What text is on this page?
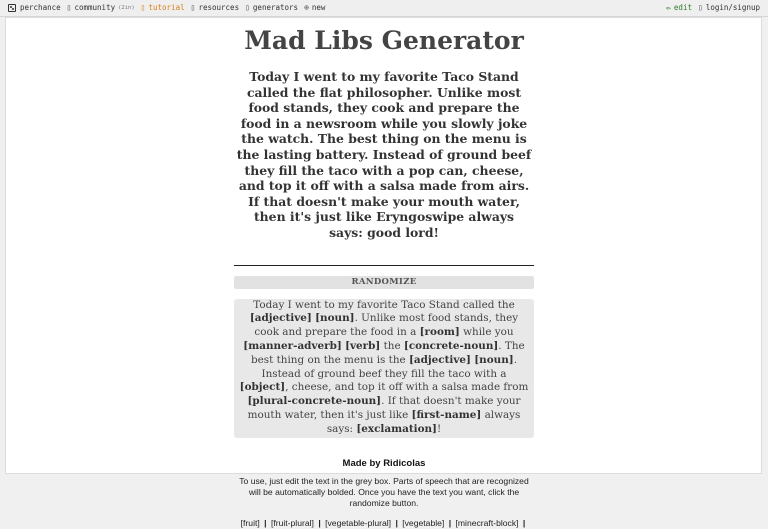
perchance ▯ community (2in) ▯ tutorial ▯ resources ▯ generators ⊕ new	✏ edit ▯ login/signup
Mad Libs Generator
Today I went to my favorite Taco Stand called the flat philosopher. Unlike most food stands, they cook and prepare the food in a newsroom while you slowly joke the watch. The best thing on the menu is the lasting battery. Instead of ground beef they fill the taco with a pop can, cheese, and top it off with a salsa made from airs. If that doesn't make your mouth water, then it's just like Eryngoswipe always says: good lord!
RANDOMIZE
Today I went to my favorite Taco Stand called the [adjective] [noun]. Unlike most food stands, they cook and prepare the food in a [room] while you [manner-adverb] [verb] the [concrete-noun]. The best thing on the menu is the [adjective] [noun]. Instead of ground beef they fill the taco with a [object], cheese, and top it off with a salsa made from [plural-concrete-noun]. If that doesn't make your mouth water, then it's just like [first-name] always says: [exclamation]!
Made by Ridicolas
To use, just edit the text in the grey box. Parts of speech that are recognized will be automatically bolded. Once you have the text you want, click the randomize button.
[fruit] | [fruit-plural] | [vegetable-plural] | [vegetable] | [minecraft-block] |
